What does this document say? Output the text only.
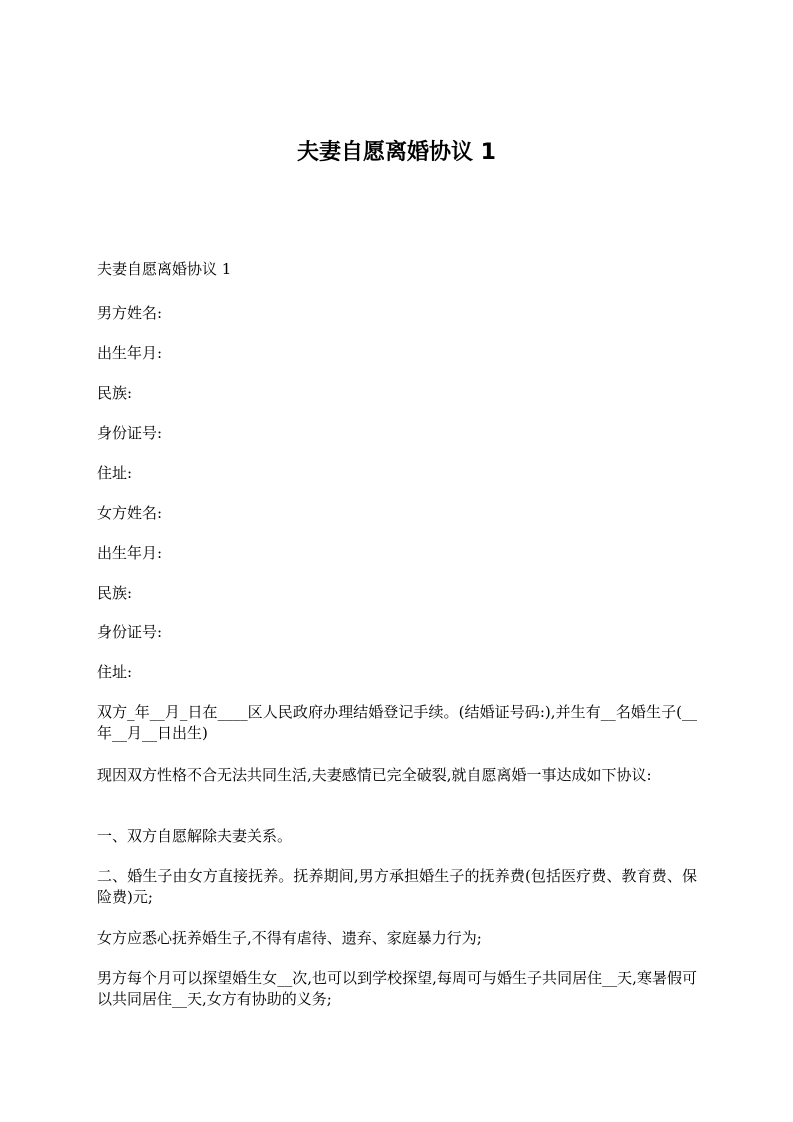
夫妻自愿离婚协议 1

夫妻自愿离婚协议 1

男方姓名:

出生年月:

民族:

身份证号:

住址:

女方姓名:

出生年月:

民族:

身份证号:

住址:

双方_年__月_日在____区人民政府办理结婚登记手续。(结婚证号码:),并生有__名婚生子(__年__月__日出生)

现因双方性格不合无法共同生活,夫妻感情已完全破裂,就自愿离婚一事达成如下协议:

一、双方自愿解除夫妻关系。

二、婚生子由女方直接抚养。抚养期间,男方承担婚生子的抚养费(包括医疗费、教育费、保险费)元;

女方应悉心抚养婚生子,不得有虐待、遗弃、家庭暴力行为;

男方每个月可以探望婚生女__次,也可以到学校探望,每周可与婚生子共同居住__天,寒暑假可以共同居住__天,女方有协助的义务;
